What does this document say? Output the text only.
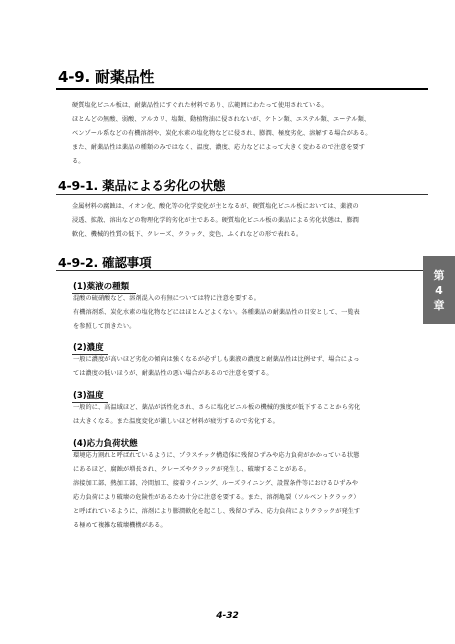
4-9. 耐薬品性
硬質塩化ビニル板は、耐薬品性にすぐれた材料であり、広範囲にわたって使用されている。
ほとんどの無酸、弱酸、アルカリ、塩類、動植物油に侵されないが、ケトン類、エステル類、エーテル類、
ベンゾール系などの有機溶剤や、炭化水素の塩化物などに侵され、膨潤、極度劣化、溶解する場合がある。
また、耐薬品性は薬品の種類のみではなく、温度、濃度、応力などによって大きく変わるので注意を要す
る。
4-9-1. 薬品による劣化の状態
金属材料の腐蝕は、イオン化、酸化等の化学変化が主となるが、硬質塩化ビニル板においては、薬液の
浸透、拡散、溶出などの物理化学的劣化が主である。硬質塩化ビニル板の薬品による劣化状態は、膨潤
軟化、機械的性質の低下、クレーズ、クラック、変色、ふくれなどの形で表れる。
4-9-2. 確認事項
(1)薬液の種類
混酸の硫硝酸など、溶剤混入の有無については特に注意を要する。
有機溶剤系、炭化水素の塩化物などにはほとんどよくない。各種薬品の耐薬品性の目安として、一覧表
を参照して頂きたい。
(2)濃度
一般に濃度が高いほど劣化の傾向は強くなるが必ずしも薬液の濃度と耐薬品性は比例せず、場合によっ
ては濃度の低いほうが、耐薬品性の悪い場合があるので注意を要する。
(3)温度
一般的に、高温域ほど、薬品が活性化され、さらに塩化ビニル板の機械的強度が低下することから劣化
は大きくなる。また温度変化が激しいほど材料が疲労するので劣化する。
(4)応力負荷状態
環境応力割れと呼ばれているように、プラスチック構造体に残留ひずみや応力負荷がかかっている状態
にあるほど、腐蝕が増長され、クレーズやクラックが発生し、破壊することがある。
溶接加工部、熱加工部、冷間加工、接着ライニング、ルーズライニング、設置条件等におけるひずみや
応力負荷により破壊の危険性があるため十分に注意を要する。また、溶剤亀裂（ソルベントクラック）
と呼ばれているように、溶剤により膨潤軟化を起こし、残留ひずみ、応力負荷によりクラックが発生す
る極めて複雑な破壊機構がある。
第
4
章
4-32
